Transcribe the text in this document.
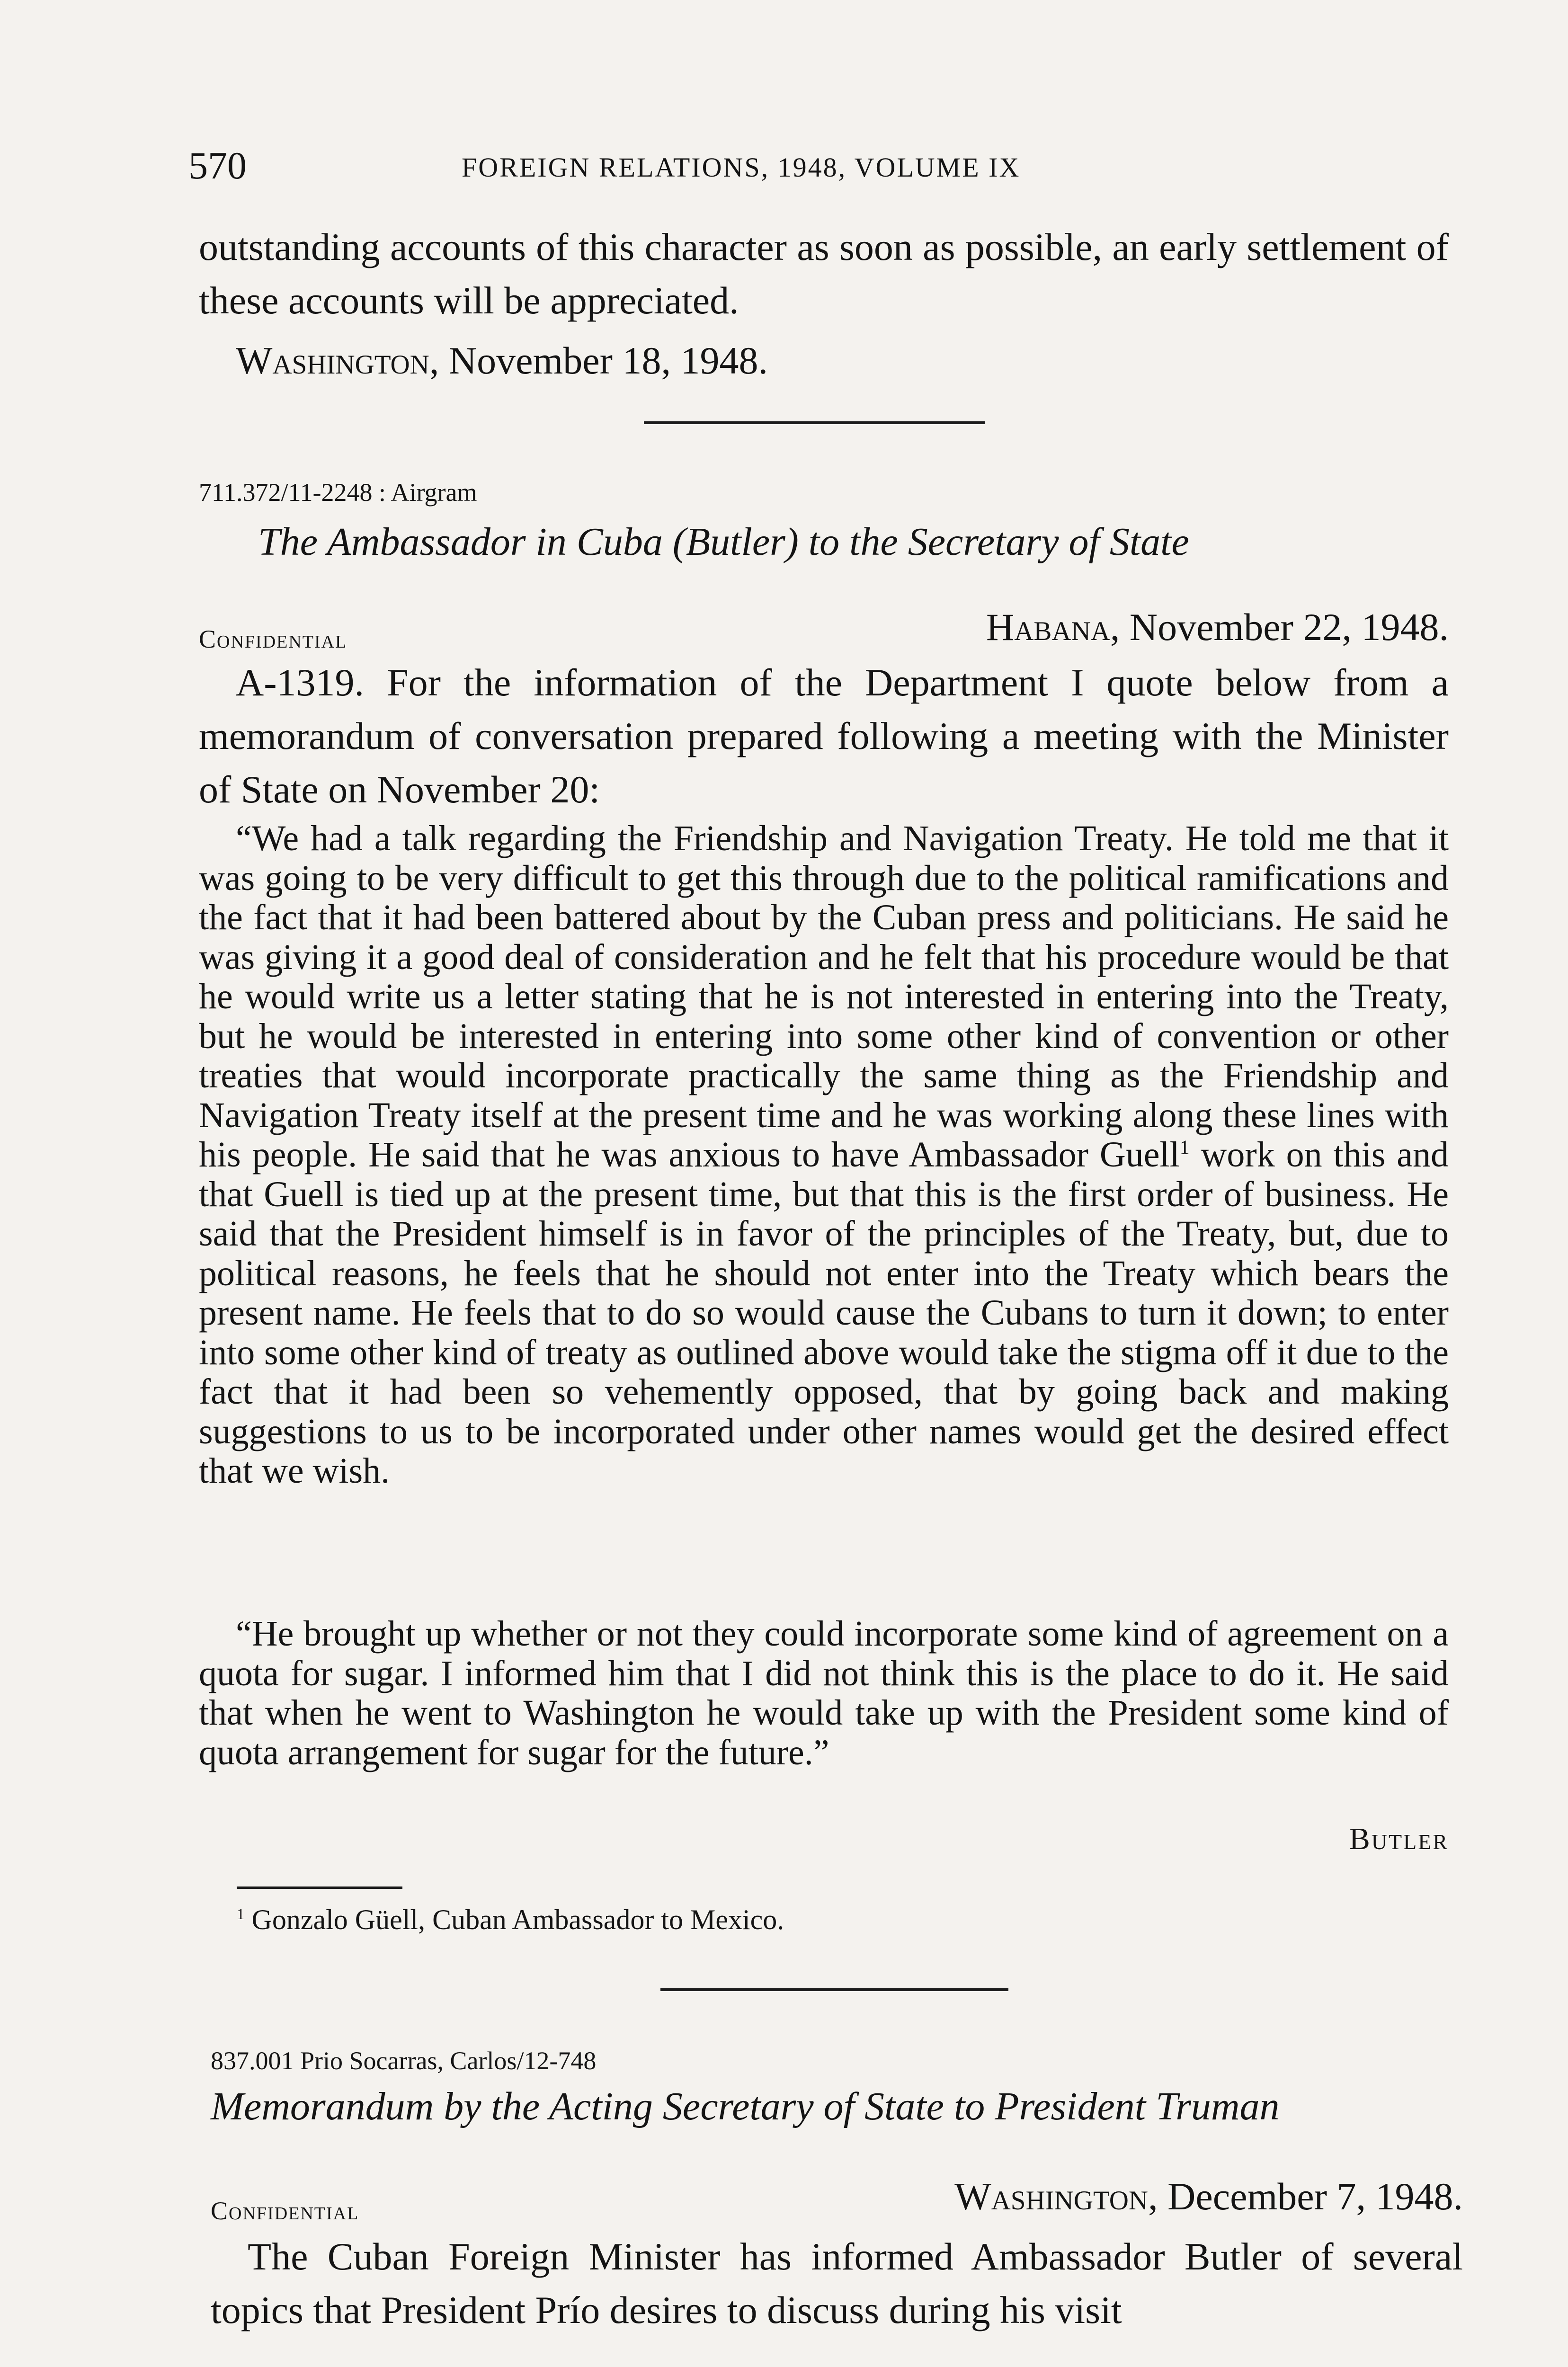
570	FOREIGN RELATIONS, 1948, VOLUME IX
outstanding accounts of this character as soon as possible, an early settlement of these accounts will be appreciated.
Washington, November 18, 1948.
711.372/11-2248 : Airgram
The Ambassador in Cuba (Butler) to the Secretary of State
Confidential	Habana, November 22, 1948.
A-1319. For the information of the Department I quote below from a memorandum of conversation prepared following a meeting with the Minister of State on November 20:
“We had a talk regarding the Friendship and Navigation Treaty. He told me that it was going to be very difficult to get this through due to the political ramifications and the fact that it had been battered about by the Cuban press and politicians. He said he was giving it a good deal of consideration and he felt that his procedure would be that he would write us a letter stating that he is not interested in entering into the Treaty, but he would be interested in entering into some other kind of convention or other treaties that would incorporate practically the same thing as the Friendship and Navigation Treaty itself at the present time and he was working along these lines with his people. He said that he was anxious to have Ambassador Guell$^1$ work on this and that Guell is tied up at the present time, but that this is the first order of business. He said that the President himself is in favor of the principles of the Treaty, but, due to political reasons, he feels that he should not enter into the Treaty which bears the present name. He feels that to do so would cause the Cubans to turn it down; to enter into some other kind of treaty as outlined above would take the stigma off it due to the fact that it had been so vehemently opposed, that by going back and making suggestions to us to be incorporated under other names would get the desired effect that we wish.
“He brought up whether or not they could incorporate some kind of agreement on a quota for sugar. I informed him that I did not think this is the place to do it. He said that when he went to Washington he would take up with the President some kind of quota arrangement for sugar for the future.”
Butler
$^1$ Gonzalo Güell, Cuban Ambassador to Mexico.
837.001 Prio Socarras, Carlos/12-748
Memorandum by the Acting Secretary of State to President Truman
Confidential	Washington, December 7, 1948.
The Cuban Foreign Minister has informed Ambassador Butler of several topics that President Prío desires to discuss during his visit
